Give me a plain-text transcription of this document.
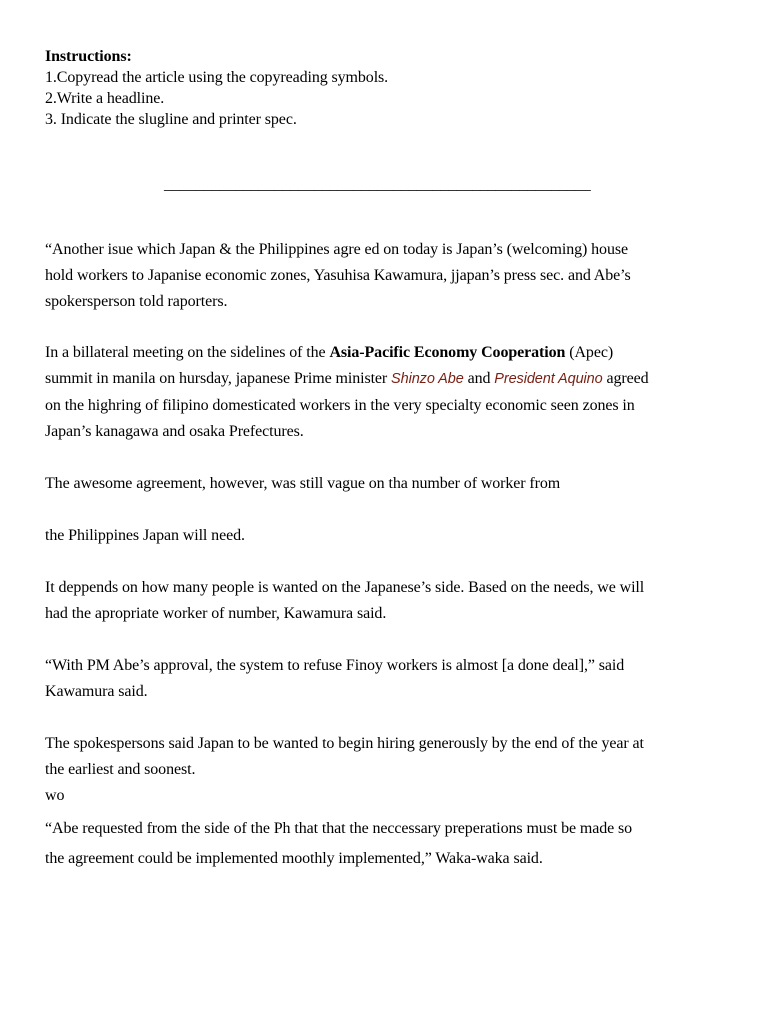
Instructions:
1.Copyread the article using the copyreading symbols.
2.Write a headline.
3. Indicate the slugline and printer spec.
______________________________________________________
“Another isue which Japan & the Philippines agre ed on today is Japan’s (welcoming) house
hold workers to Japanise economic zones, Yasuhisa Kawamura, jjapan’s press sec. and Abe’s
spokersperson told raporters.
In a billateral meeting on the sidelines of the Asia-Pacific Economy Cooperation (Apec)
summit in manila on hursday, japanese Prime minister Shinzo Abe and President Aquino agreed
on the highring of filipino domesticated workers in the very specialty economic seen zones in
Japan’s kanagawa and osaka Prefectures.
The awesome agreement, however, was still vague on tha number of worker from
the Philippines Japan will need.
It deppends on how many people is wanted on the Japanese’s side. Based on the needs, we will
had the apropriate worker of number, Kawamura said.
“With PM Abe’s approval, the system to refuse Finoy workers is almost [a done deal],” said
Kawamura said.
The spokespersons said Japan to be wanted to begin hiring generously by the end of the year at
the earliest and soonest.
wo
“Abe requested from the side of the Ph that that the neccessary preperations must be made so
the agreement could be implemented moothly implemented,” Waka-waka said.
